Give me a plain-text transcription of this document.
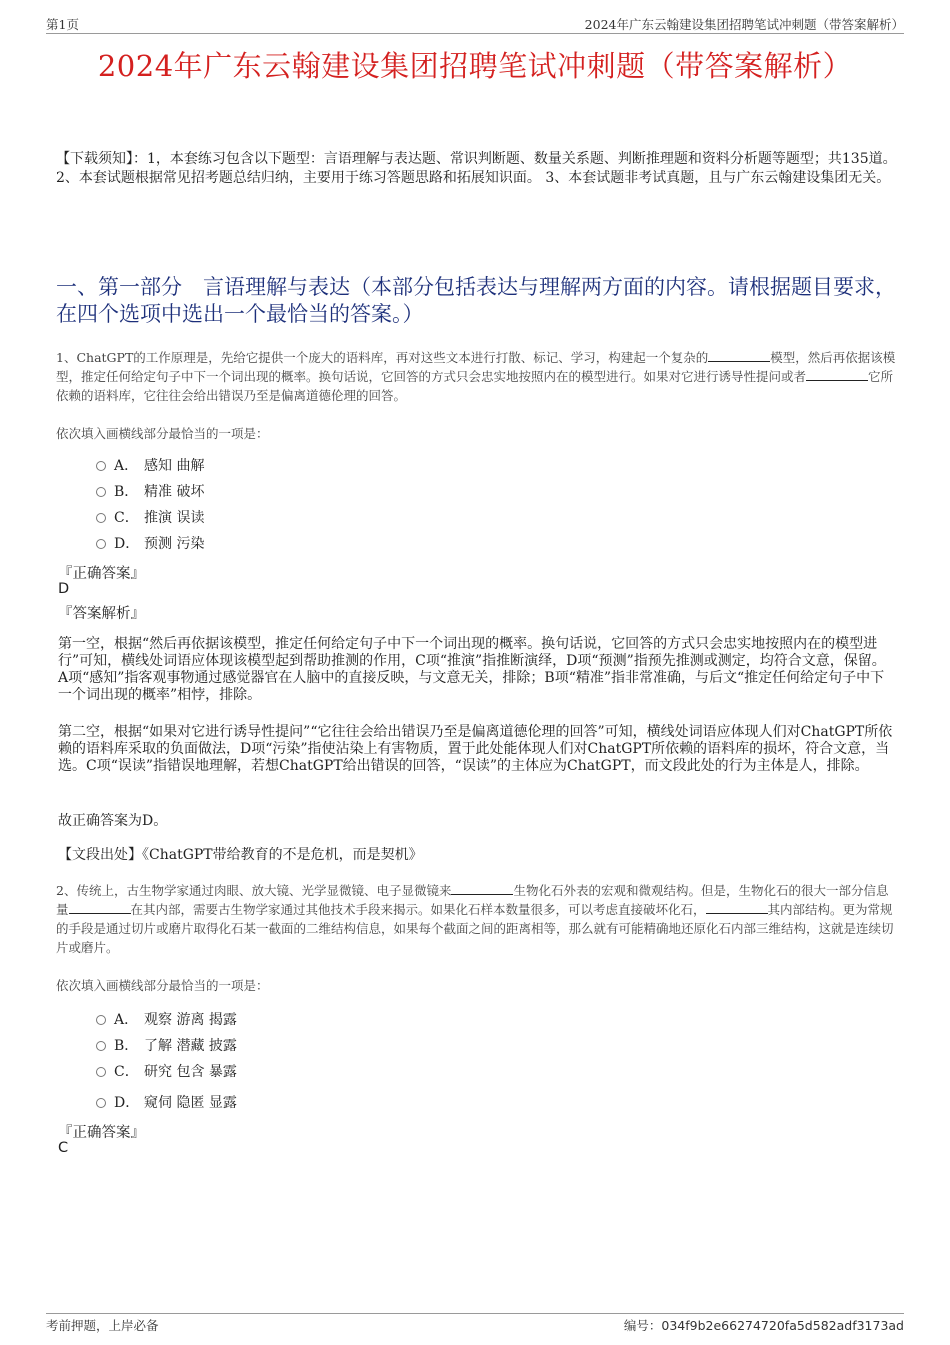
第1页	2024年广东云翰建设集团招聘笔试冲刺题（带答案解析）
2024年广东云翰建设集团招聘笔试冲刺题（带答案解析）
【下载须知】：1，本套练习包含以下题型：言语理解与表达题、常识判断题、数量关系题、判断推理题和资料分析题等题型；共135道。 2、本套试题根据常见招考题总结归纳，主要用于练习答题思路和拓展知识面。 3、本套试题非考试真题，且与广东云翰建设集团无关。
一、第一部分　言语理解与表达（本部分包括表达与理解两方面的内容。请根据题目要求，在四个选项中选出一个最恰当的答案。）
1、ChatGPT的工作原理是，先给它提供一个庞大的语料库，再对这些文本进行打散、标记、学习，构建起一个复杂的	模型，然后再依据该模型，推定任何给定句子中下一个词出现的概率。换句话说，它回答的方式只会忠实地按照内在的模型进行。如果对它进行诱导性提问或者	它所依赖的语料库，它往往会给出错误乃至是偏离道德伦理的回答。
依次填入画横线部分最恰当的一项是：
A． 感知 曲解
B． 精准 破坏
C． 推演 误读
D． 预测 污染
『正确答案』
D
『答案解析』
第一空，根据“然后再依据该模型，推定任何给定句子中下一个词出现的概率。换句话说，它回答的方式只会忠实地按照内在的模型进行”可知，横线处词语应体现该模型起到帮助推测的作用，C项“推演”指推断演绎，D项“预测”指预先推测或测定，均符合文意，保留。A项“感知”指客观事物通过感觉器官在人脑中的直接反映，与文意无关，排除；B项“精准”指非常准确，与后文“推定任何给定句子中下一个词出现的概率”相悖，排除。
第二空，根据“如果对它进行诱导性提问”“它往往会给出错误乃至是偏离道德伦理的回答”可知，横线处词语应体现人们对ChatGPT所依赖的语料库采取的负面做法，D项“污染”指使沾染上有害物质，置于此处能体现人们对ChatGPT所依赖的语料库的损坏，符合文意，当选。C项“误读”指错误地理解，若想ChatGPT给出错误的回答，“误读”的主体应为ChatGPT，而文段此处的行为主体是人，排除。
故正确答案为D。
【文段出处】《ChatGPT带给教育的不是危机，而是契机》
2、传统上，古生物学家通过肉眼、放大镜、光学显微镜、电子显微镜来	生物化石外表的宏观和微观结构。但是，生物化石的很大一部分信息量	在其内部，需要古生物学家通过其他技术手段来揭示。如果化石样本数量很多，可以考虑直接破坏化石，	其内部结构。更为常规的手段是通过切片或磨片取得化石某一截面的二维结构信息，如果每个截面之间的距离相等，那么就有可能精确地还原化石内部三维结构，这就是连续切片或磨片。
依次填入画横线部分最恰当的一项是：
A． 观察 游离 揭露
B． 了解 潜藏 披露
C． 研究 包含 暴露
D． 窥伺 隐匿 显露
『正确答案』
C
考前押题，上岸必备	编号：034f9b2e66274720fa5d582adf3173ad
